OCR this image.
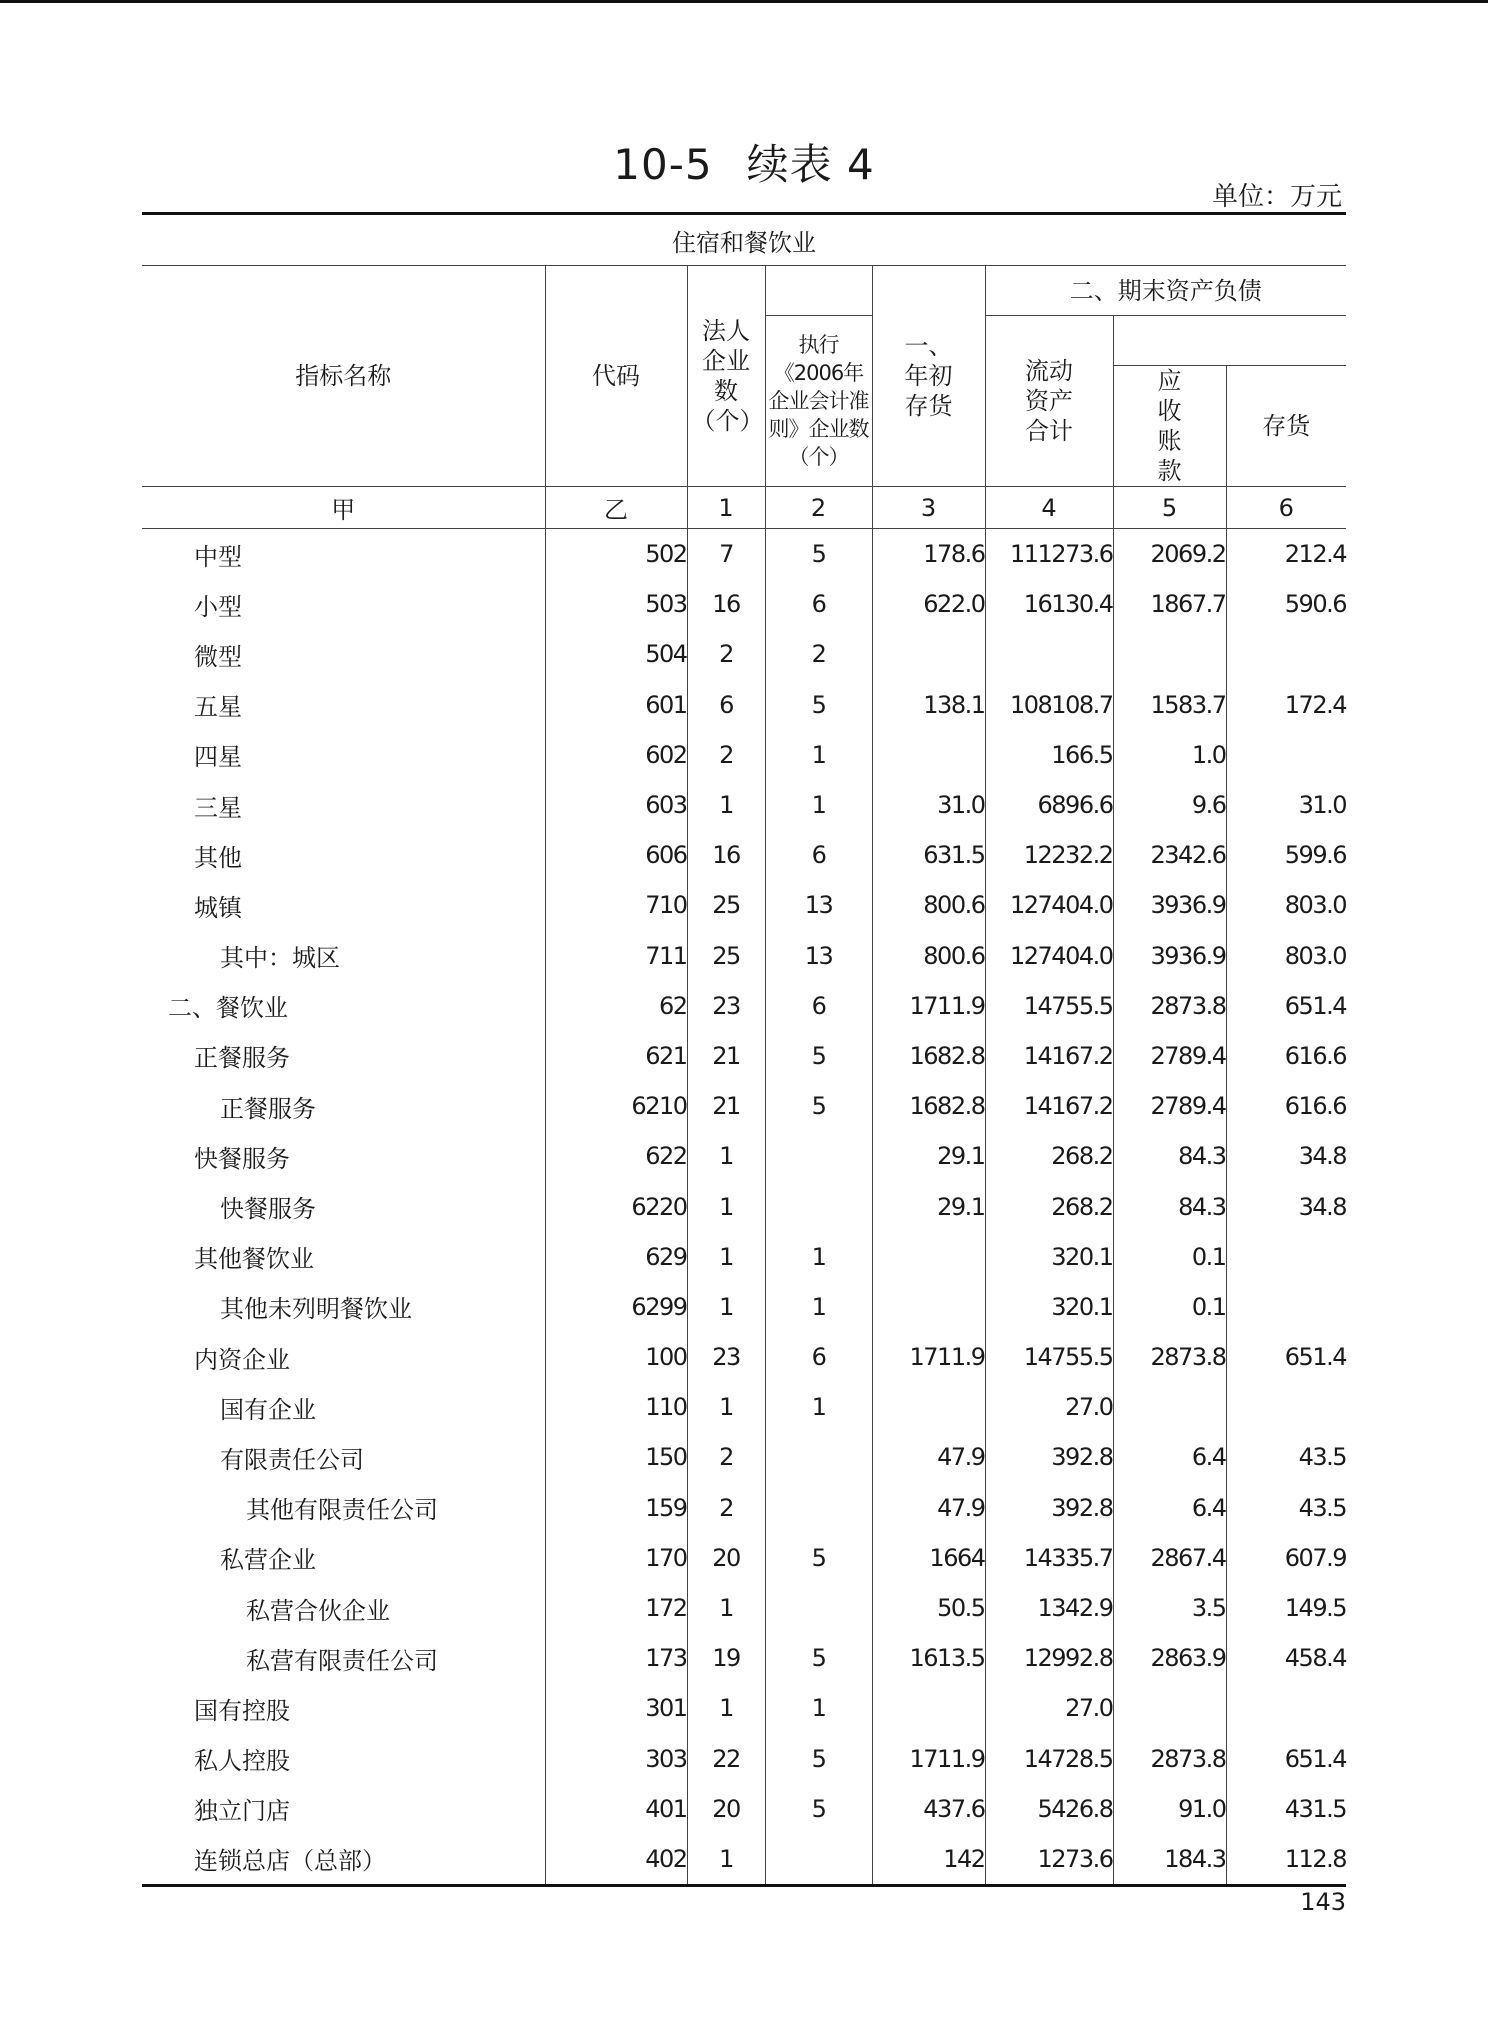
10-5 续表 4
单位：万元
住宿和餐饮业							
指标名称	代码	法人企业数（个）		一、年初存货	二、期末资产负债		
			执行《2006年企业会计准则》企业数（个）		流动资产合计		
						应收账款	存货
甲	乙	1	2	3	4	5	6
中型	502	7	5	178.6	111273.6	2069.2	212.4
小型	503	16	6	622.0	16130.4	1867.7	590.6
微型	504	2	2				
五星	601	6	5	138.1	108108.7	1583.7	172.4
四星	602	2	1		166.5	1.0	
三星	603	1	1	31.0	6896.6	9.6	31.0
其他	606	16	6	631.5	12232.2	2342.6	599.6
城镇	710	25	13	800.6	127404.0	3936.9	803.0
其中：城区	711	25	13	800.6	127404.0	3936.9	803.0
二、餐饮业	62	23	6	1711.9	14755.5	2873.8	651.4
正餐服务	621	21	5	1682.8	14167.2	2789.4	616.6
正餐服务	6210	21	5	1682.8	14167.2	2789.4	616.6
快餐服务	622	1		29.1	268.2	84.3	34.8
快餐服务	6220	1		29.1	268.2	84.3	34.8
其他餐饮业	629	1	1		320.1	0.1	
其他未列明餐饮业	6299	1	1		320.1	0.1	
内资企业	100	23	6	1711.9	14755.5	2873.8	651.4
国有企业	110	1	1		27.0		
有限责任公司	150	2		47.9	392.8	6.4	43.5
其他有限责任公司	159	2		47.9	392.8	6.4	43.5
私营企业	170	20	5	1664	14335.7	2867.4	607.9
私营合伙企业	172	1		50.5	1342.9	3.5	149.5
私营有限责任公司	173	19	5	1613.5	12992.8	2863.9	458.4
国有控股	301	1	1		27.0		
私人控股	303	22	5	1711.9	14728.5	2873.8	651.4
独立门店	401	20	5	437.6	5426.8	91.0	431.5
连锁总店（总部）	402	1		142	1273.6	184.3	112.8
143
